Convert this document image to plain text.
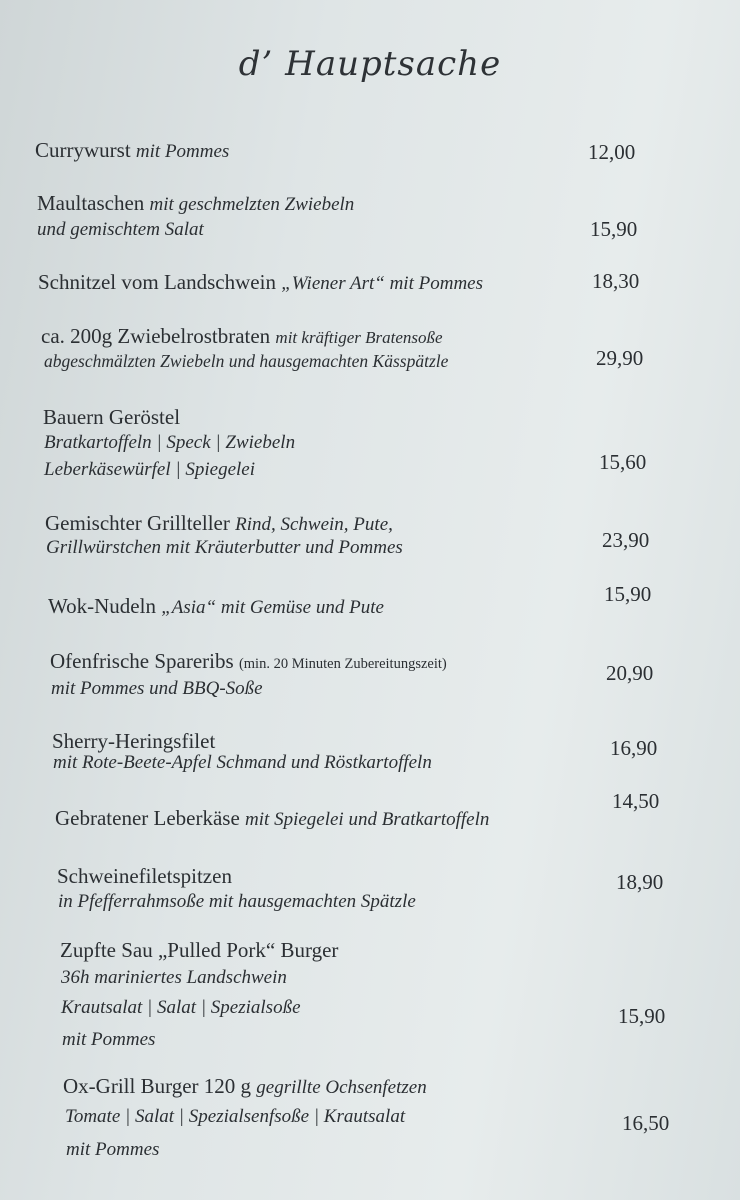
d’ Hauptsache
Currywurst mit Pommes	12,00
Maultaschen mit geschmelzten Zwiebeln
und gemischtem Salat	15,90
Schnitzel vom Landschwein „Wiener Art“ mit Pommes	18,30
ca. 200g Zwiebelrostbraten mit kräftiger Bratensoße
abgeschmälzten Zwiebeln und hausgemachten Kässpätzle	29,90
Bauern Geröstel
Bratkartoffeln | Speck | Zwiebeln
Leberkäsewürfel | Spiegelei	15,60
Gemischter Grillteller Rind, Schwein, Pute,
Grillwürstchen mit Kräuterbutter und Pommes	23,90
Wok-Nudeln „Asia“ mit Gemüse und Pute
15,90
Ofenfrische Spareribs (min. 20 Minuten Zubereitungszeit)
mit Pommes und BBQ-Soße
20,90
Sherry-Heringsfilet
mit Rote-Beete-Apfel Schmand und Röstkartoffeln
16,90
Gebratener Leberkäse mit Spiegelei und Bratkartoffeln
14,50
Schweinefiletspitzen
in Pfefferrahmsoße mit hausgemachten Spätzle
18,90
Zupfte Sau „Pulled Pork“ Burger
36h mariniertes Landschwein
Krautsalat | Salat | Spezialsoße
mit Pommes
15,90
Ox-Grill Burger 120 g gegrillte Ochsenfetzen
Tomate | Salat | Spezialsenfsoße | Krautsalat
mit Pommes
16,50
